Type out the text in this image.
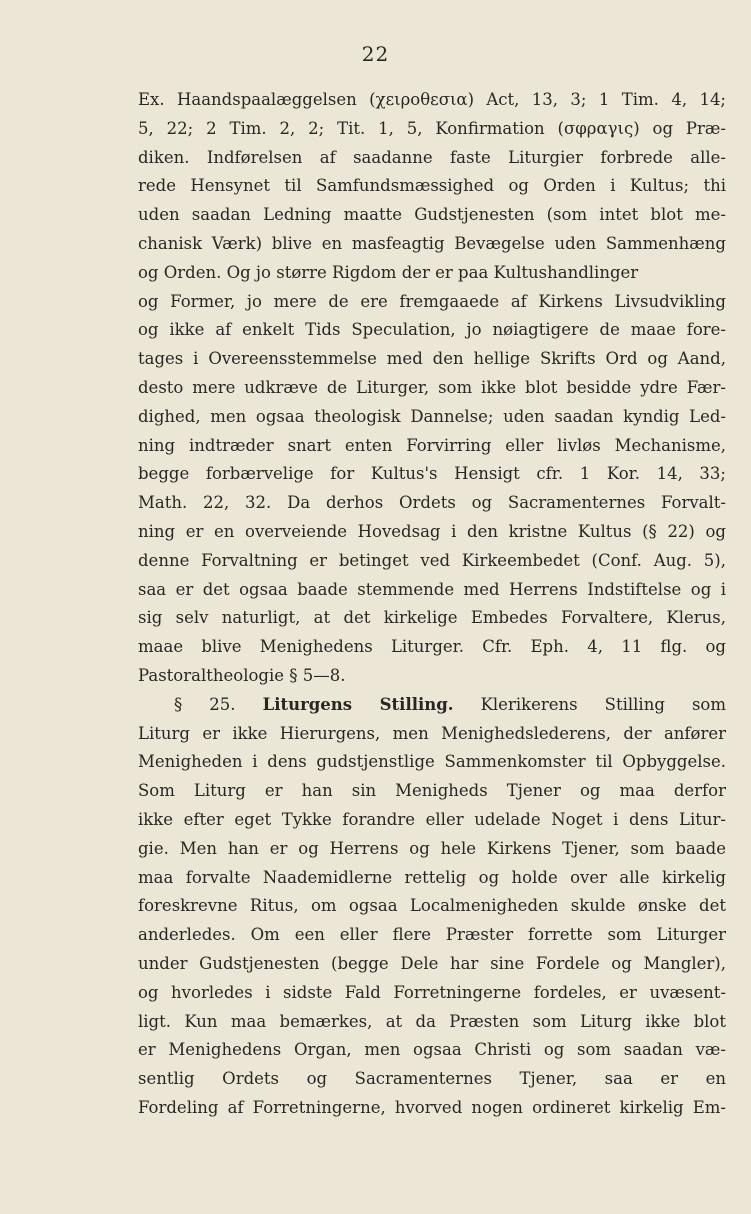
22
Ex. Haandspaalæggelsen (χειροθεσια) Act, 13, 3; 1 Tim. 4, 14;
5, 22; 2 Tim. 2, 2; Tit. 1, 5, Konfirmation (σφραγις) og Præ-
diken. Indførelsen af saadanne faste Liturgier forbrede alle-
rede Hensynet til Samfundsmæssighed og Orden i Kultus; thi
uden saadan Ledning maatte Gudstjenesten (som intet blot me-
chanisk Værk) blive en masfeagtig Bevægelse uden Sammenhæng
og Orden. Og jo større Rigdom der er paa Kultushandlinger
og Former, jo mere de ere fremgaaede af Kirkens Livsudvikling
og ikke af enkelt Tids Speculation, jo nøiagtigere de maae fore-
tages i Overeensstemmelse med den hellige Skrifts Ord og Aand,
desto mere udkræve de Liturger, som ikke blot besidde ydre Fær-
dighed, men ogsaa theologisk Dannelse; uden saadan kyndig Led-
ning indtræder snart enten Forvirring eller livløs Mechanisme,
begge forbærvelige for Kultus's Hensigt cfr. 1 Kor. 14, 33;
Math. 22, 32. Da derhos Ordets og Sacramenternes Forvalt-
ning er en overveiende Hovedsag i den kristne Kultus (§ 22) og
denne Forvaltning er betinget ved Kirkeembedet (Conf. Aug. 5),
saa er det ogsaa baade stemmende med Herrens Indstiftelse og i
sig selv naturligt, at det kirkelige Embedes Forvaltere, Klerus,
maae blive Menighedens Liturger. Cfr. Eph. 4, 11 flg. og
Pastoraltheologie § 5—8.
§ 25. Liturgens Stilling. Klerikerens Stilling som
Liturg er ikke Hierurgens, men Menighedslederens, der anfører
Menigheden i dens gudstjenstlige Sammenkomster til Opbyggelse.
Som Liturg er han sin Menigheds Tjener og maa derfor
ikke efter eget Tykke forandre eller udelade Noget i dens Litur-
gie. Men han er og Herrens og hele Kirkens Tjener, som baade
maa forvalte Naademidlerne rettelig og holde over alle kirkelig
foreskrevne Ritus, om ogsaa Localmenigheden skulde ønske det
anderledes. Om een eller flere Præster forrette som Liturger
under Gudstjenesten (begge Dele har sine Fordele og Mangler),
og hvorledes i sidste Fald Forretningerne fordeles, er uvæsent-
ligt. Kun maa bemærkes, at da Præsten som Liturg ikke blot
er Menighedens Organ, men ogsaa Christi og som saadan væ-
sentlig Ordets og Sacramenternes Tjener, saa er en
Fordeling af Forretningerne, hvorved nogen ordineret kirkelig Em-
